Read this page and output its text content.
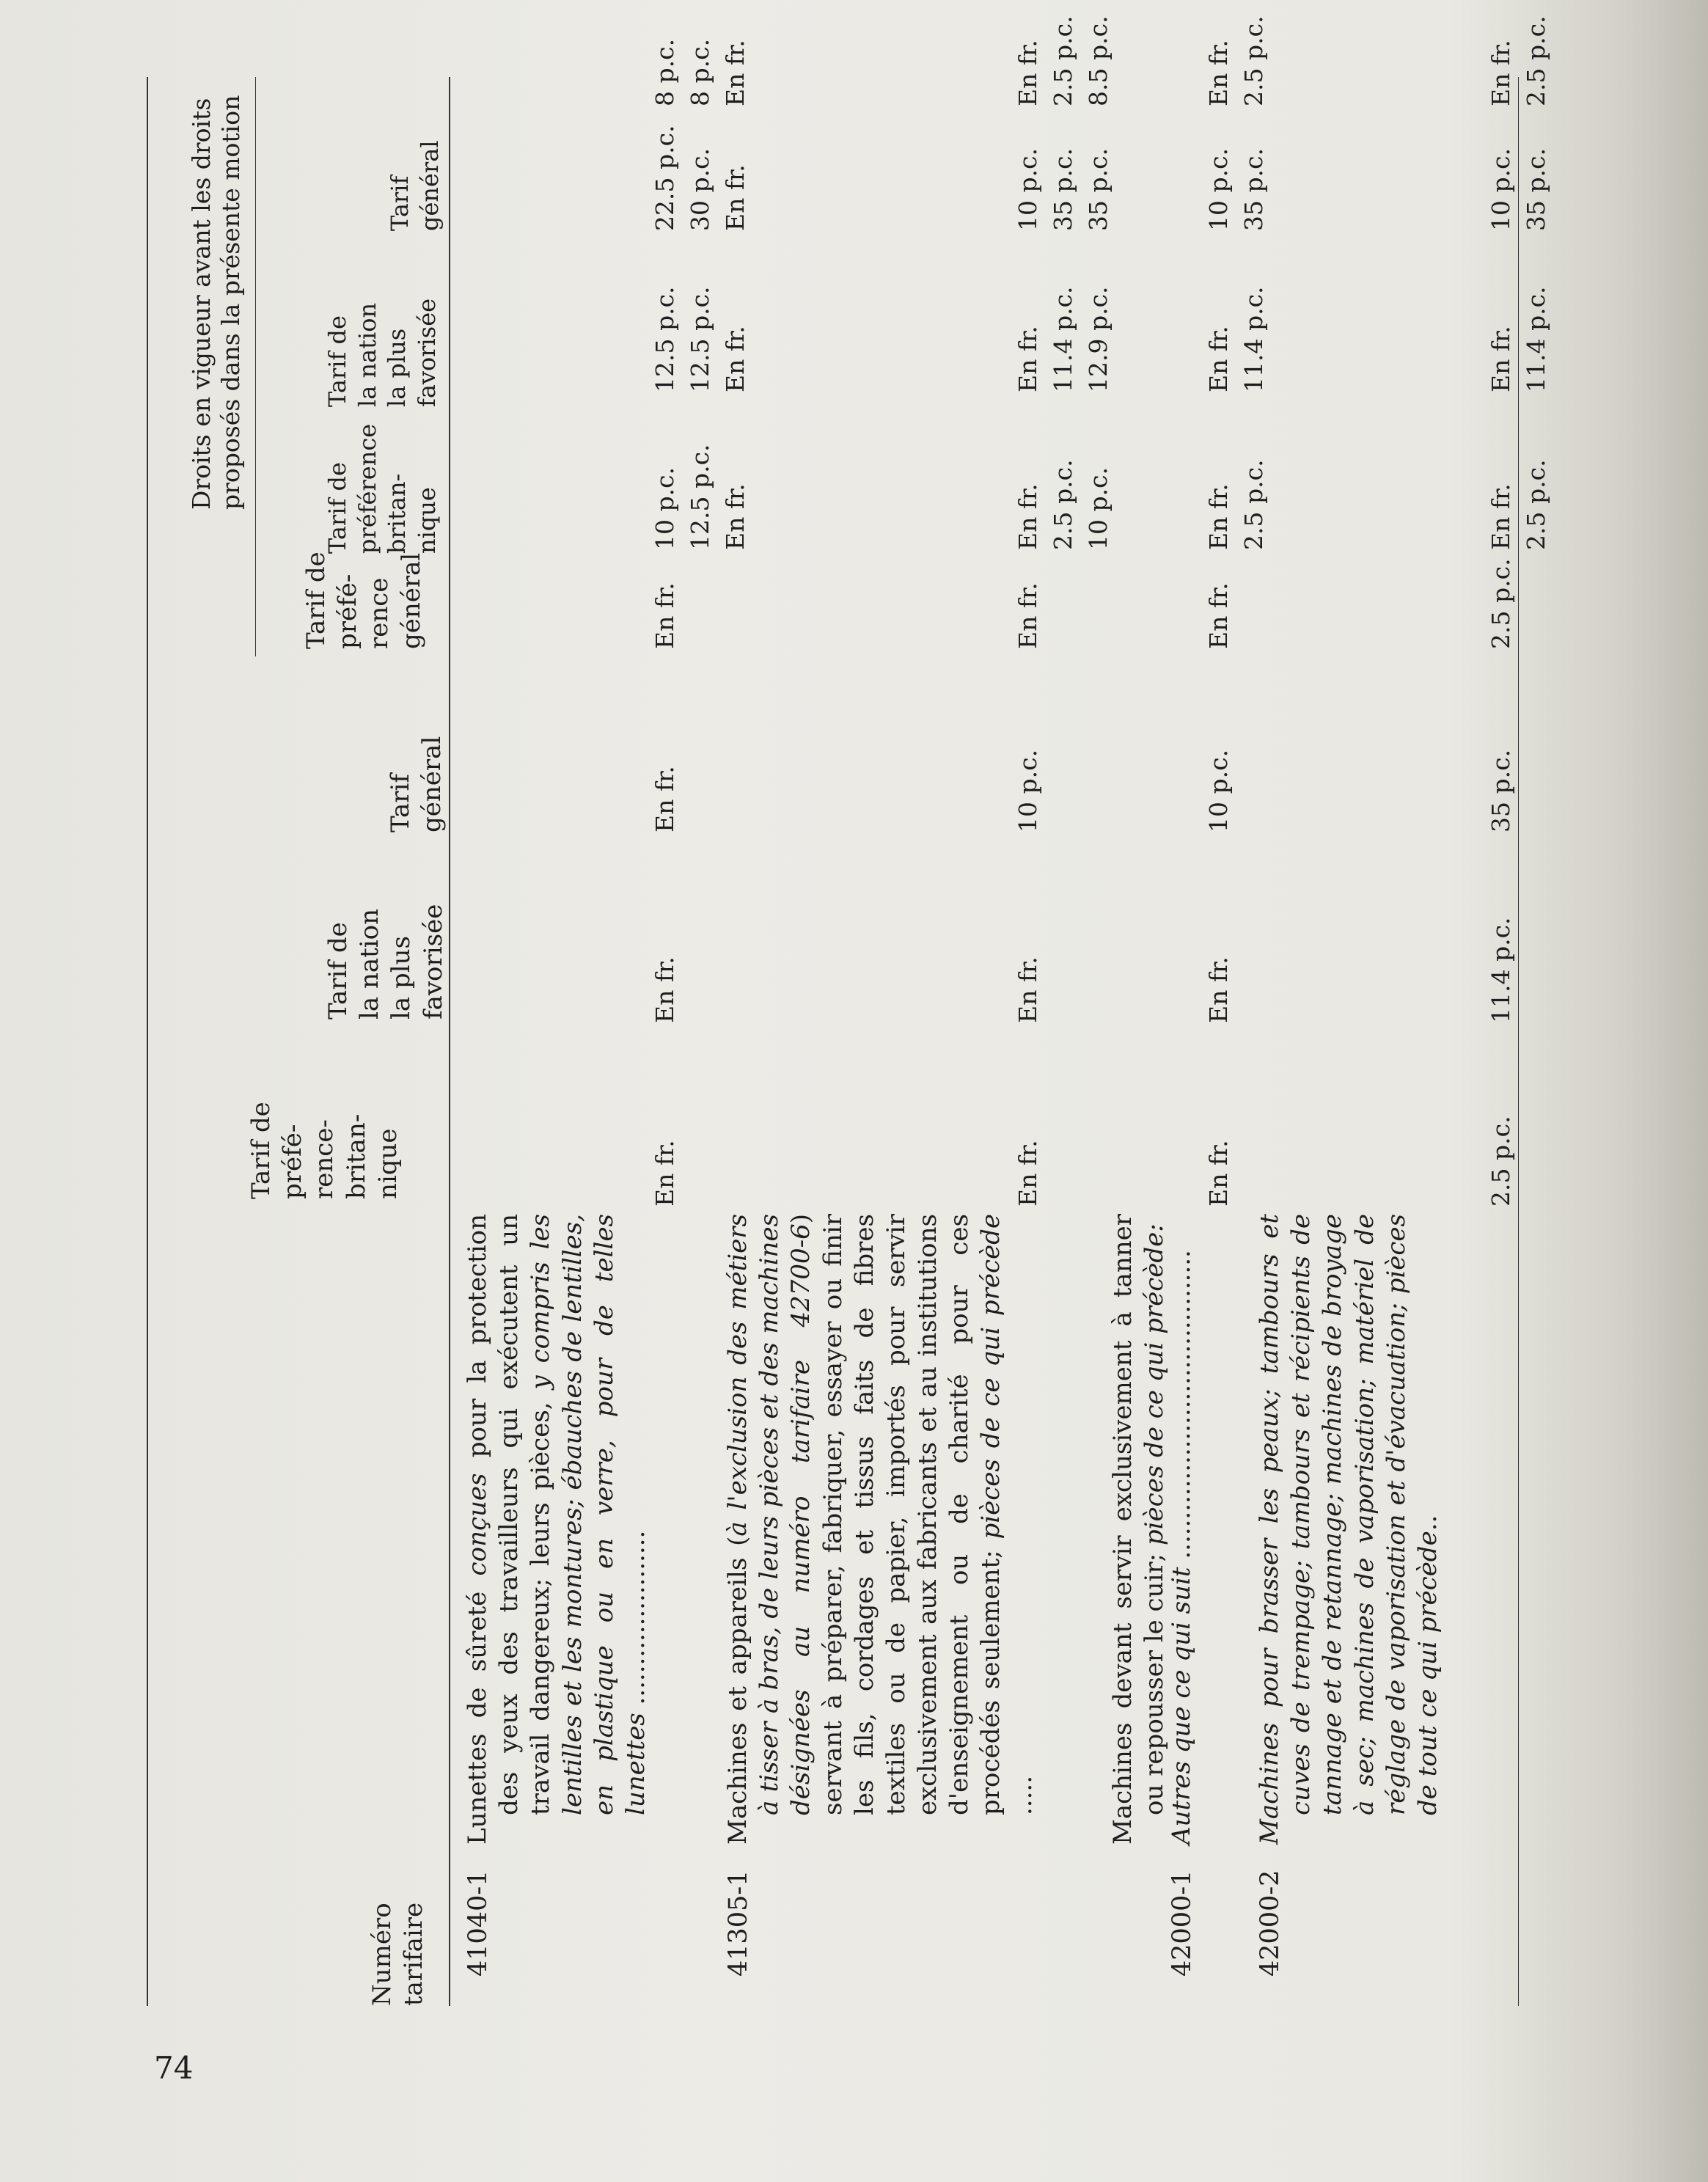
74
Numéro
tarifaire
Tarif de
préfé-
rence-
britan-
nique
Tarif de
la nation
la plus
favorisée
Tarif
général
Tarif de
préfé-
rence
général
Droits en vigueur avant les droits
proposés dans la présente motion
Tarif de
préférence
britan-
nique
Tarif de
la nation
la plus
favorisée
Tarif
général
41040-1
Lunettes de sûreté conçues pour la protection des yeux des travailleurs qui exécutent un travail dangereux; leurs pièces, y compris les lentilles et les montures; ébauches de lentilles, en plastique ou en verre, pour de telles lunettes ......................
En fr.
En fr.
En fr.
En fr.
10 p.c.
12.5 p.c.
22.5 p.c.
8 p.c.
12.5 p.c.
12.5 p.c.
30 p.c.
8 p.c.
En fr.
En fr.
En fr.
En fr.
41305-1
Machines et appareils (à l'exclusion des métiers à tisser à bras, de leurs pièces et des machines désignées au numéro tarifaire 42700-6) servant à préparer, fabriquer, essayer ou finir les fils, cordages et tissus faits de fibres textiles ou de papier, importés pour servir exclusivement aux fabricants et au institutions d'enseignement ou de charité pour ces procédés seulement; pièces de ce qui précède .....
En fr.
En fr.
10 p.c.
En fr.
En fr.
En fr.
10 p.c.
En fr.
2.5 p.c.
11.4 p.c.
35 p.c.
2.5 p.c.
10 p.c.
12.9 p.c.
35 p.c.
8.5 p.c.
Machines devant servir exclusivement à tanner ou repousser le cuir; pièces de ce qui précède:
42000-1
Autres que ce qui suit .......................................
En fr.
En fr.
10 p.c.
En fr.
En fr.
En fr.
10 p.c.
En fr.
2.5 p.c.
11.4 p.c.
35 p.c.
2.5 p.c.
42000-2
Machines pour brasser les peaux; tambours et cuves de trempage; tambours et récipients de tannage et de retannage; machines de broyage à sec; machines de vaporisation; matériel de réglage de vaporisation et d'évacuation; pièces de tout ce qui précède..
2.5 p.c.
11.4 p.c.
35 p.c.
2.5 p.c.
En fr.
En fr.
10 p.c.
En fr.
2.5 p.c.
11.4 p.c.
35 p.c.
2.5 p.c.
